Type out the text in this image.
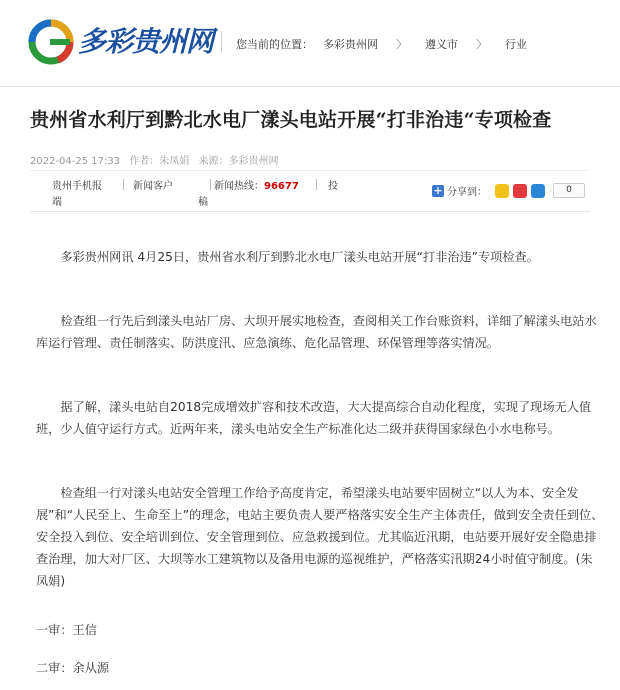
多彩贵州网 您当前的位置： 多彩贵州网 〉 遵义市 〉 行业
贵州省水利厅到黔北水电厂漾头电站开展“打非治违“专项检查
2022-04-25 17:33 作者：朱凤娟 来源：多彩贵州网
贵州手机报
端
新闻客户	新闻热线：96677
稿
投	+ 分享到：	0

多彩贵州网讯 4月25日，贵州省水利厅到黔北水电厂漾头电站开展“打非治违”专项检查。

检查组一行先后到漾头电站厂房、大坝开展实地检查，查阅相关工作台账资料，详细了解漾头电站水库运行管理、责任制落实、防洪度汛、应急演练、危化品管理、环保管理等落实情况。

据了解，漾头电站自2018完成增效扩容和技术改造，大大提高综合自动化程度，实现了现场无人值班，少人值守运行方式。近两年来，漾头电站安全生产标准化达二级并获得国家绿色小水电称号。

检查组一行对漾头电站安全管理工作给予高度肯定，希望漾头电站要牢固树立“以人为本、安全发展”和“人民至上、生命至上”的理念，电站主要负责人要严格落实安全生产主体责任，做到安全责任到位、安全投入到位、安全培训到位、安全管理到位、应急救援到位。尤其临近汛期，电站要开展好安全隐患排查治理，加大对厂区、大坝等水工建筑物以及备用电源的巡视维护，严格落实汛期24小时值守制度。(朱凤娟)

一审：王信
二审：余从源
